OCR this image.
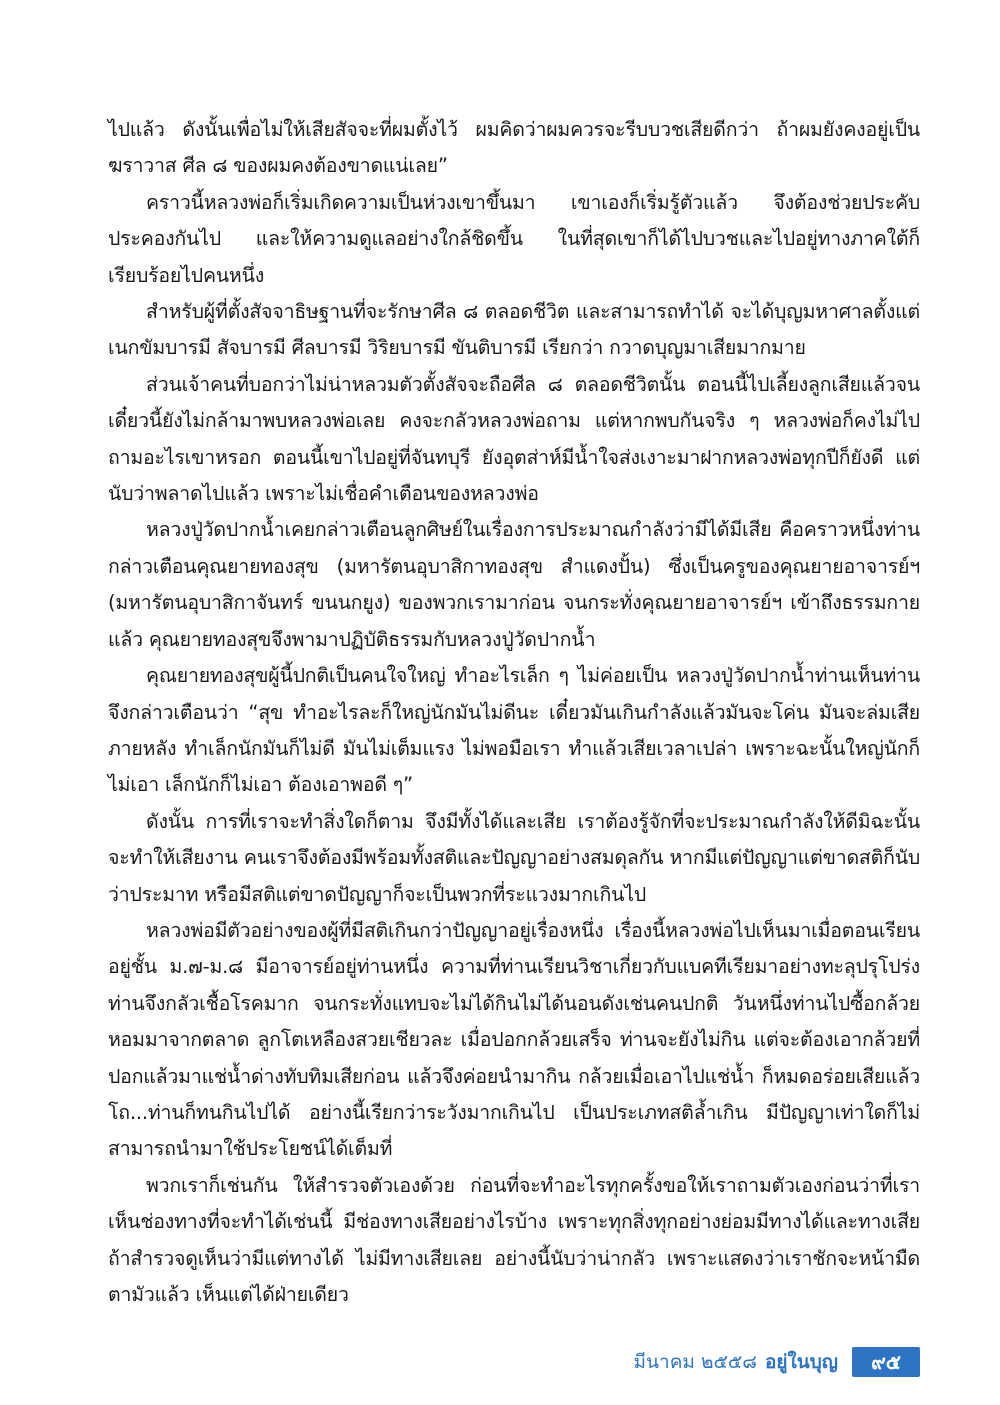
ไปแล้ว ดังนั้นเพื่อไม่ให้เสียสัจจะที่ผมตั้งไว้ ผมคิดว่าผมควรจะรีบบวชเสียดีกว่า ถ้าผมยังคงอยู่เป็นฆราวาส ศีล ๘ ของผมคงต้องขาดแน่เลย”

คราวนี้หลวงพ่อก็เริ่มเกิดความเป็นห่วงเขาขึ้นมา เขาเองก็เริ่มรู้ตัวแล้ว จึงต้องช่วยประคับประคองกันไป และให้ความดูแลอย่างใกล้ชิดขึ้น ในที่สุดเขาก็ได้ไปบวชและไปอยู่ทางภาคใต้ก็เรียบร้อยไปคนหนึ่ง

สำหรับผู้ที่ตั้งสัจจาธิษฐานที่จะรักษาศีล ๘ ตลอดชีวิต และสามารถทำได้ จะได้บุญมหาศาลตั้งแต่ เนกขัมบารมี สัจบารมี ศีลบารมี วิริยบารมี ขันติบารมี เรียกว่า กวาดบุญมาเสียมากมาย

ส่วนเจ้าคนที่บอกว่าไม่น่าหลวมตัวตั้งสัจจะถือศีล ๘ ตลอดชีวิตนั้น ตอนนี้ไปเลี้ยงลูกเสียแล้วจนเดี๋ยวนี้ยังไม่กล้ามาพบหลวงพ่อเลย คงจะกลัวหลวงพ่อถาม แต่หากพบกันจริง ๆ หลวงพ่อก็คงไม่ไปถามอะไรเขาหรอก ตอนนี้เขาไปอยู่ที่จันทบุรี ยังอุตส่าห์มีน้ำใจส่งเงาะมาฝากหลวงพ่อทุกปีก็ยังดี แต่นับว่าพลาดไปแล้ว เพราะไม่เชื่อคำเตือนของหลวงพ่อ

หลวงปู่วัดปากน้ำเคยกล่าวเตือนลูกศิษย์ในเรื่องการประมาณกำลังว่ามีได้มีเสีย คือคราวหนึ่งท่านกล่าวเตือนคุณยายทองสุข (มหารัตนอุบาสิกาทองสุข สำแดงปั้น) ซึ่งเป็นครูของคุณยายอาจารย์ฯ (มหารัตนอุบาสิกาจันทร์ ขนนกยูง) ของพวกเรามาก่อน จนกระทั่งคุณยายอาจารย์ฯ เข้าถึงธรรมกายแล้ว คุณยายทองสุขจึงพามาปฏิบัติธรรมกับหลวงปู่วัดปากน้ำ

คุณยายทองสุขผู้นี้ปกติเป็นคนใจใหญ่ ทำอะไรเล็ก ๆ ไม่ค่อยเป็น หลวงปู่วัดปากน้ำท่านเห็นท่านจึงกล่าวเตือนว่า “สุข ทำอะไรละก็ใหญ่นักมันไม่ดีนะ เดี๋ยวมันเกินกำลังแล้วมันจะโค่น มันจะล่มเสียภายหลัง ทำเล็กนักมันก็ไม่ดี มันไม่เต็มแรง ไม่พอมือเรา ทำแล้วเสียเวลาเปล่า เพราะฉะนั้นใหญ่นักก็ไม่เอา เล็กนักก็ไม่เอา ต้องเอาพอดี ๆ”

ดังนั้น การที่เราจะทำสิ่งใดก็ตาม จึงมีทั้งได้และเสีย เราต้องรู้จักที่จะประมาณกำลังให้ดีมิฉะนั้นจะทำให้เสียงาน คนเราจึงต้องมีพร้อมทั้งสติและปัญญาอย่างสมดุลกัน หากมีแต่ปัญญาแต่ขาดสติก็นับว่าประมาท หรือมีสติแต่ขาดปัญญาก็จะเป็นพวกที่ระแวงมากเกินไป

หลวงพ่อมีตัวอย่างของผู้ที่มีสติเกินกว่าปัญญาอยู่เรื่องหนึ่ง เรื่องนี้หลวงพ่อไปเห็นมาเมื่อตอนเรียนอยู่ชั้น ม.๗-ม.๘ มีอาจารย์อยู่ท่านหนึ่ง ความที่ท่านเรียนวิชาเกี่ยวกับแบคทีเรียมาอย่างทะลุปรุโปร่ง ท่านจึงกลัวเชื้อโรคมาก จนกระทั่งแทบจะไม่ได้กินไม่ได้นอนดังเช่นคนปกติ วันหนึ่งท่านไปซื้อกล้วยหอมมาจากตลาด ลูกโตเหลืองสวยเชียวละ เมื่อปอกกล้วยเสร็จ ท่านจะยังไม่กิน แต่จะต้องเอากล้วยที่ปอกแล้วมาแช่น้ำด่างทับทิมเสียก่อน แล้วจึงค่อยนำมากิน กล้วยเมื่อเอาไปแช่น้ำ ก็หมดอร่อยเสียแล้ว โถ...ท่านก็ทนกินไปได้ อย่างนี้เรียกว่าระวังมากเกินไป เป็นประเภทสติล้ำเกิน มีปัญญาเท่าใดก็ไม่สามารถนำมาใช้ประโยชน์ได้เต็มที่

พวกเราก็เช่นกัน ให้สำรวจตัวเองด้วย ก่อนที่จะทำอะไรทุกครั้งขอให้เราถามตัวเองก่อนว่าที่เราเห็นช่องทางที่จะทำได้เช่นนี้ มีช่องทางเสียอย่างไรบ้าง เพราะทุกสิ่งทุกอย่างย่อมมีทางได้และทางเสีย ถ้าสำรวจดูเห็นว่ามีแต่ทางได้ ไม่มีทางเสียเลย อย่างนี้นับว่าน่ากลัว เพราะแสดงว่าเราชักจะหน้ามืดตามัวแล้ว เห็นแต่ได้ฝ่ายเดียว

มีนาคม ๒๕๕๘ อยู่ในบุญ	๙๕
